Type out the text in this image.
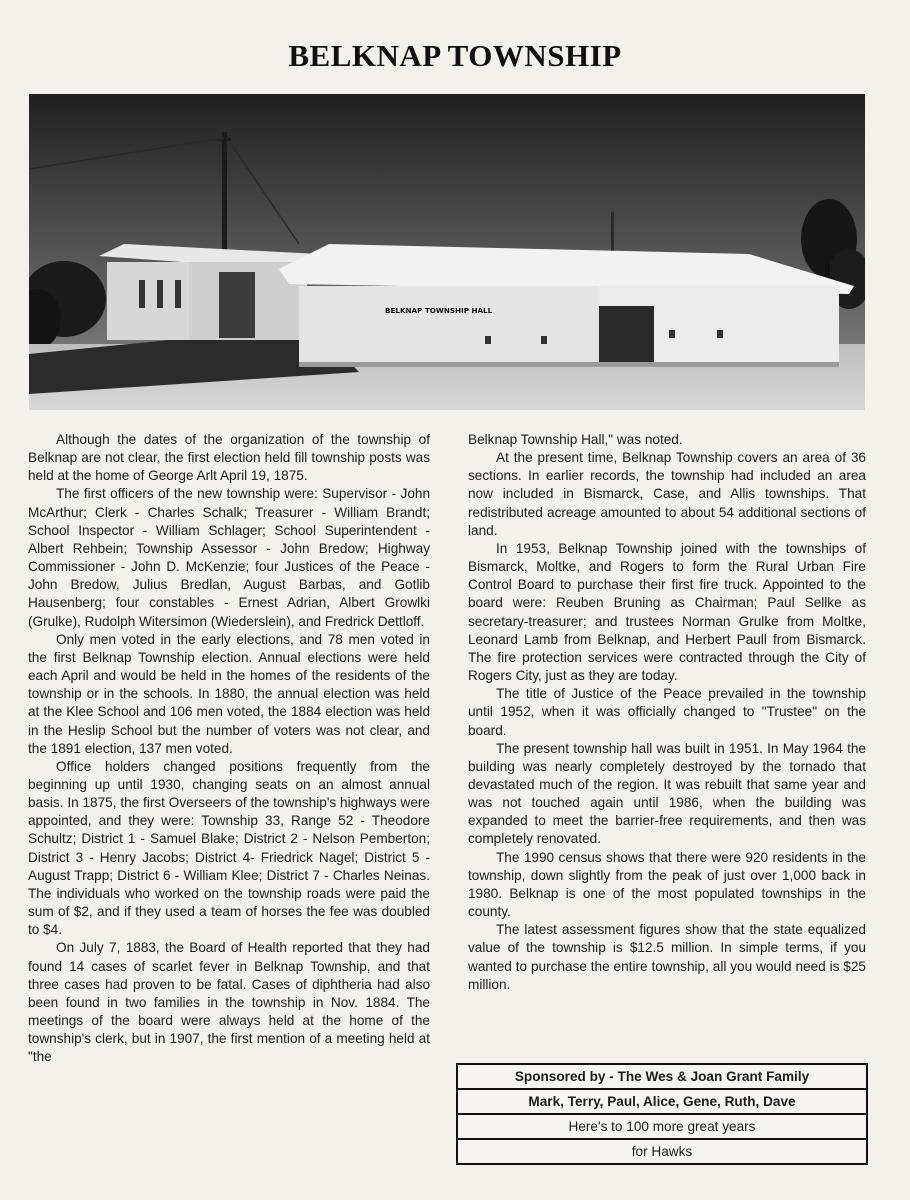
BELKNAP TOWNSHIP
BELKNAP TOWNSHIP HALL

Although the dates of the organization of the township of Belknap are not clear, the first election held fill township posts was held at the home of George Arlt April 19, 1875.

The first officers of the new township were: Supervisor - John McArthur; Clerk - Charles Schalk; Treasurer - William Brandt; School Inspector - William Schlager; School Superintendent - Albert Rehbein; Township Assessor - John Bredow; Highway Commissioner - John D. McKenzie; four Justices of the Peace - John Bredow, Julius Bredlan, August Barbas, and Gotlib Hausenberg; four constables - Ernest Adrian, Albert Growlki (Grulke), Rudolph Witersimon (Wiederslein), and Fredrick Dettloff.

Only men voted in the early elections, and 78 men voted in the first Belknap Township election. Annual elections were held each April and would be held in the homes of the residents of the township or in the schools. In 1880, the annual election was held at the Klee School and 106 men voted, the 1884 election was held in the Heslip School but the number of voters was not clear, and the 1891 election, 137 men voted.

Office holders changed positions frequently from the beginning up until 1930, changing seats on an almost annual basis. In 1875, the first Overseers of the township's highways were appointed, and they were: Township 33, Range 52 - Theodore Schultz; District 1 - Samuel Blake; District 2 - Nelson Pemberton; District 3 - Henry Jacobs; District 4- Friedrick Nagel; District 5 - August Trapp; District 6 - William Klee; District 7 - Charles Neinas. The individuals who worked on the township roads were paid the sum of $2, and if they used a team of horses the fee was doubled to $4.

On July 7, 1883, the Board of Health reported that they had found 14 cases of scarlet fever in Belknap Township, and that three cases had proven to be fatal. Cases of diphtheria had also been found in two families in the township in Nov. 1884. The meetings of the board were always held at the home of the township's clerk, but in 1907, the first mention of a meeting held at "the

Belknap Township Hall," was noted.

At the present time, Belknap Township covers an area of 36 sections. In earlier records, the township had included an area now included in Bismarck, Case, and Allis townships. That redistributed acreage amounted to about 54 additional sections of land.

In 1953, Belknap Township joined with the townships of Bismarck, Moltke, and Rogers to form the Rural Urban Fire Control Board to purchase their first fire truck. Appointed to the board were: Reuben Bruning as Chairman; Paul Sellke as secretary-treasurer; and trustees Norman Grulke from Moltke, Leonard Lamb from Belknap, and Herbert Paull from Bismarck. The fire protection services were contracted through the City of Rogers City, just as they are today.

The title of Justice of the Peace prevailed in the township until 1952, when it was officially changed to "Trustee" on the board.

The present township hall was built in 1951. In May 1964 the building was nearly completely destroyed by the tornado that devastated much of the region. It was rebuilt that same year and was not touched again until 1986, when the building was expanded to meet the barrier-free requirements, and then was completely renovated.

The 1990 census shows that there were 920 residents in the township, down slightly from the peak of just over 1,000 back in 1980. Belknap is one of the most populated townships in the county.

The latest assessment figures show that the state equalized value of the township is $12.5 million. In simple terms, if you wanted to purchase the entire township, all you would need is $25 million.

Sponsored by - The Wes & Joan Grant Family
Mark, Terry, Paul, Alice, Gene, Ruth, Dave
Here's to 100 more great years
for Hawks
